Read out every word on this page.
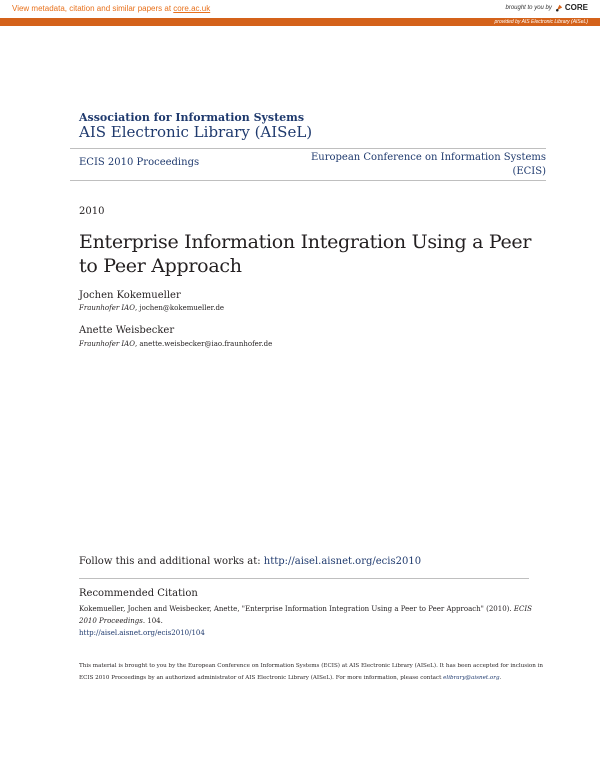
View metadata, citation and similar papers at core.ac.uk	brought to you by CORE
provided by AIS Electronic Library (AISeL)
Association for Information Systems
AIS Electronic Library (AISeL)
ECIS 2010 Proceedings	European Conference on Information Systems
(ECIS)
2010
Enterprise Information Integration Using a Peer to Peer Approach
Jochen Kokemueller
Fraunhofer IAO, jochen@kokemueller.de
Anette Weisbecker
Fraunhofer IAO, anette.weisbecker@iao.fraunhofer.de
Follow this and additional works at: http://aisel.aisnet.org/ecis2010
Recommended Citation
Kokemueller, Jochen and Weisbecker, Anette, "Enterprise Information Integration Using a Peer to Peer Approach" (2010). ECIS 2010 Proceedings. 104.
http://aisel.aisnet.org/ecis2010/104
This material is brought to you by the European Conference on Information Systems (ECIS) at AIS Electronic Library (AISeL). It has been accepted for inclusion in ECIS 2010 Proceedings by an authorized administrator of AIS Electronic Library (AISeL). For more information, please contact elibrary@aisnet.org.
